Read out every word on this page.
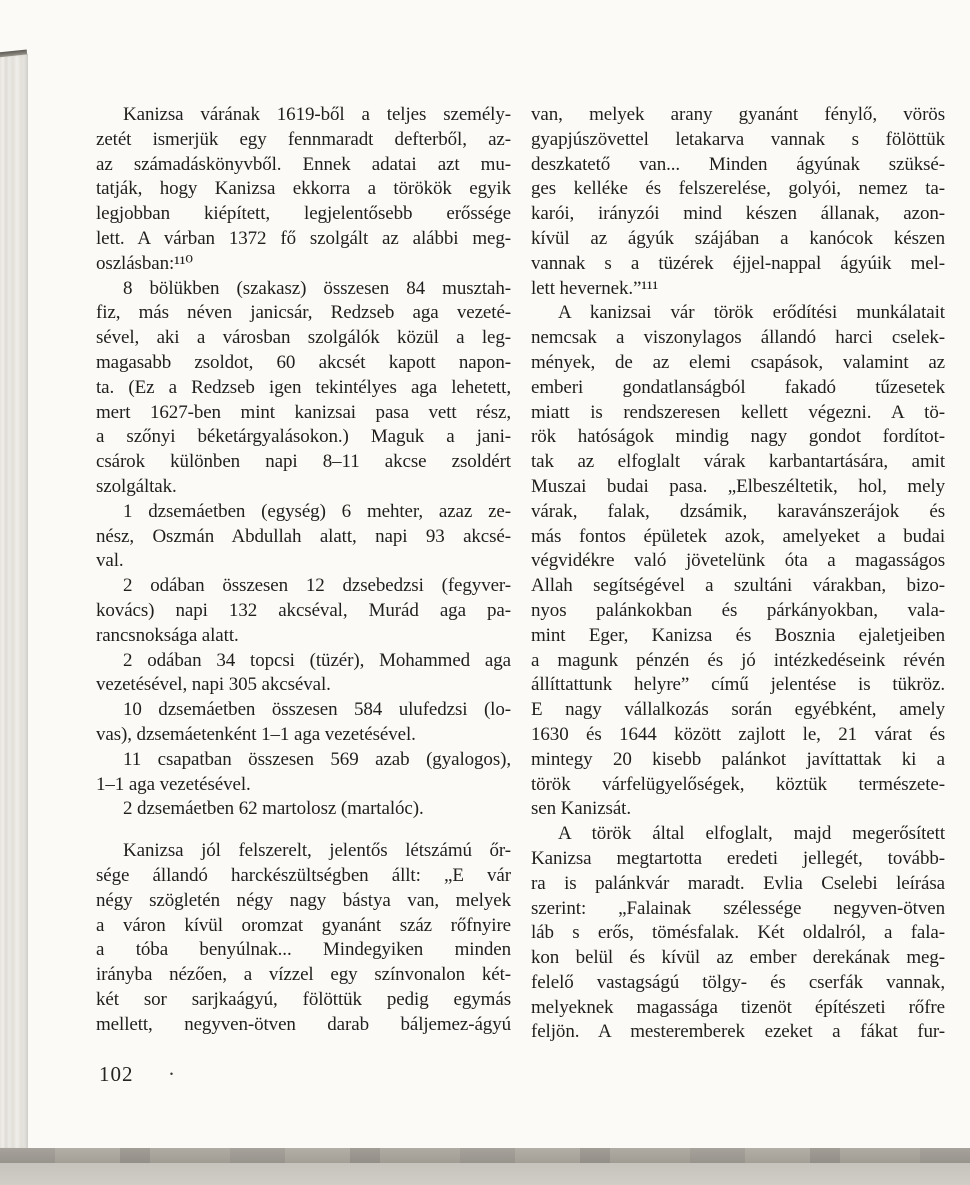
Kanizsa várának 1619-ből a teljes személy-
zetét ismerjük egy fennmaradt defterből, az-
az számadáskönyvből. Ennek adatai azt mu-
tatják, hogy Kanizsa ekkorra a törökök egyik
legjobban kiépített, legjelentősebb erőssége
lett. A várban 1372 fő szolgált az alábbi meg-
oszlásban:¹¹⁰
8 bölükben (szakasz) összesen 84 musztah-
fiz, más néven janicsár, Redzseb aga vezeté-
sével, aki a városban szolgálók közül a leg-
magasabb zsoldot, 60 akcsét kapott napon-
ta. (Ez a Redzseb igen tekintélyes aga lehetett,
mert 1627-ben mint kanizsai pasa vett rész,
a szőnyi béketárgyalásokon.) Maguk a jani-
csárok különben napi 8–11 akcse zsoldért
szolgáltak.
1 dzsemáetben (egység) 6 mehter, azaz ze-
nész, Oszmán Abdullah alatt, napi 93 akcsé-
val.
2 odában összesen 12 dzsebedzsi (fegyver-
kovács) napi 132 akcséval, Murád aga pa-
rancsnoksága alatt.
2 odában 34 topcsi (tüzér), Mohammed aga
vezetésével, napi 305 akcséval.
10 dzsemáetben összesen 584 ulufedzsi (lo-
vas), dzsemáetenként 1–1 aga vezetésével.
11 csapatban összesen 569 azab (gyalogos),
1–1 aga vezetésével.
2 dzsemáetben 62 martolosz (martalóc).
Kanizsa jól felszerelt, jelentős létszámú őr-
sége állandó harckészültségben állt: „E vár
négy szögletén négy nagy bástya van, melyek
a váron kívül oromzat gyanánt száz rőfnyire
a tóba benyúlnak... Mindegyiken minden
irányba nézően, a vízzel egy színvonalon két-
két sor sarjkaágyú, fölöttük pedig egymás
mellett, negyven-ötven darab báljemez-ágyú
van, melyek arany gyanánt fénylő, vörös
gyapjúszövettel letakarva vannak s fölöttük
deszkatető van... Minden ágyúnak szüksé-
ges kelléke és felszerelése, golyói, nemez ta-
karói, irányzói mind készen állanak, azon-
kívül az ágyúk szájában a kanócok készen
vannak s a tüzérek éjjel-nappal ágyúik mel-
lett hevernek.”¹¹¹
A kanizsai vár török erődítési munkálatait
nemcsak a viszonylagos állandó harci cselek-
mények, de az elemi csapások, valamint az
emberi gondatlanságból fakadó tűzesetek
miatt is rendszeresen kellett végezni. A tö-
rök hatóságok mindig nagy gondot fordítot-
tak az elfoglalt várak karbantartására, amit
Muszai budai pasa. „Elbeszéltetik, hol, mely
várak, falak, dzsámik, karavánszerájok és
más fontos épületek azok, amelyeket a budai
végvidékre való jövetelünk óta a magasságos
Allah segítségével a szultáni várakban, bizo-
nyos palánkokban és párkányokban, vala-
mint Eger, Kanizsa és Bosznia ejaletjeiben
a magunk pénzén és jó intézkedéseink révén
állíttattunk helyre” című jelentése is tükröz.
E nagy vállalkozás során egyébként, amely
1630 és 1644 között zajlott le, 21 várat és
mintegy 20 kisebb palánkot javíttattak ki a
török várfelügyelőségek, köztük természete-
sen Kanizsát.
A török által elfoglalt, majd megerősített
Kanizsa megtartotta eredeti jellegét, tovább-
ra is palánkvár maradt. Evlia Cselebi leírása
szerint: „Falainak szélessége negyven-ötven
láb s erős, tömésfalak. Két oldalról, a fala-
kon belül és kívül az ember derekának meg-
felelő vastagságú tölgy- és cserfák vannak,
melyeknek magassága tizenöt építészeti rőfre
feljön. A mesteremberek ezeket a fákat fur-
102 ·
